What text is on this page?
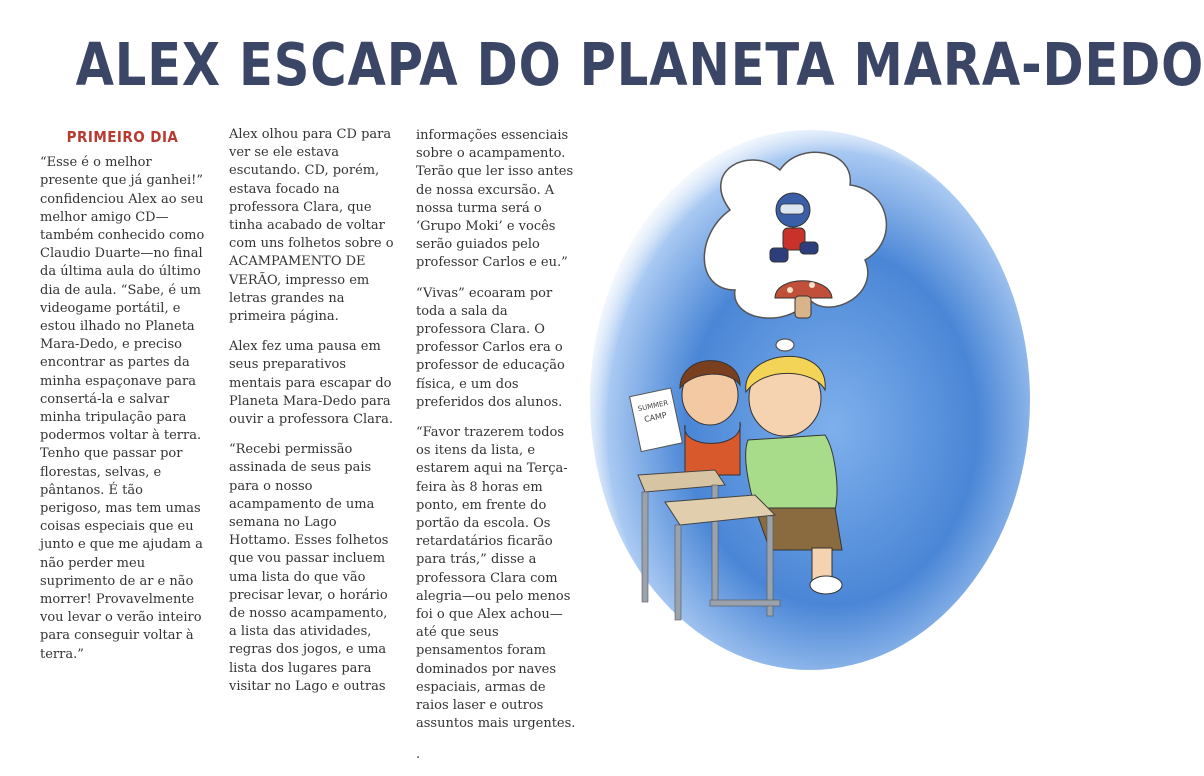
ALEX ESCAPA DO PLANETA MARA-DEDO
PRIMEIRO DIA

“Esse é o melhor presente que já ganhei!” confidenciou Alex ao seu melhor amigo CD— também conhecido como Claudio Duarte—no final da última aula do último dia de aula. “Sabe, é um videogame portátil, e estou ilhado no Planeta Mara-Dedo, e preciso encontrar as partes da minha espaçonave para consertá-la e salvar minha tripulação para podermos voltar à terra. Tenho que passar por florestas, selvas, e pântanos. É tão perigoso, mas tem umas coisas especiais que eu junto e que me ajudam a não perder meu suprimento de ar e não morrer! Provavelmente vou levar o verão inteiro para conseguir voltar à terra.”

Alex olhou para CD para ver se ele estava escutando. CD, porém, estava focado na professora Clara, que tinha acabado de voltar com uns folhetos sobre o ACAMPAMENTO DE VERÃO, impresso em letras grandes na primeira página.

Alex fez uma pausa em seus preparativos mentais para escapar do Planeta Mara-Dedo para ouvir a professora Clara.

“Recebi permissão assinada de seus pais para o nosso acampamento de uma semana no Lago Hottamo. Esses folhetos que vou passar incluem uma lista do que vão precisar levar, o horário de nosso acampamento, a lista das atividades, regras dos jogos, e uma lista dos lugares para visitar no Lago e outras

informações essenciais sobre o acampamento. Terão que ler isso antes de nossa excursão. A nossa turma será o ‘Grupo Moki’ e vocês serão guiados pelo professor Carlos e eu.”

“Vivas” ecoaram por toda a sala da professora Clara. O professor Carlos era o professor de educação física, e um dos preferidos dos alunos.

“Favor trazerem todos os itens da lista, e estarem aqui na Terça-feira às 8 horas em ponto, em frente do portão da escola. Os retardatários ficarão para trás,” disse a professora Clara com alegria—ou pelo menos foi o que Alex achou—até que seus pensamentos foram dominados por naves espaciais, armas de raios laser e outros assuntos mais urgentes.

.

SUMMER
CAMP
